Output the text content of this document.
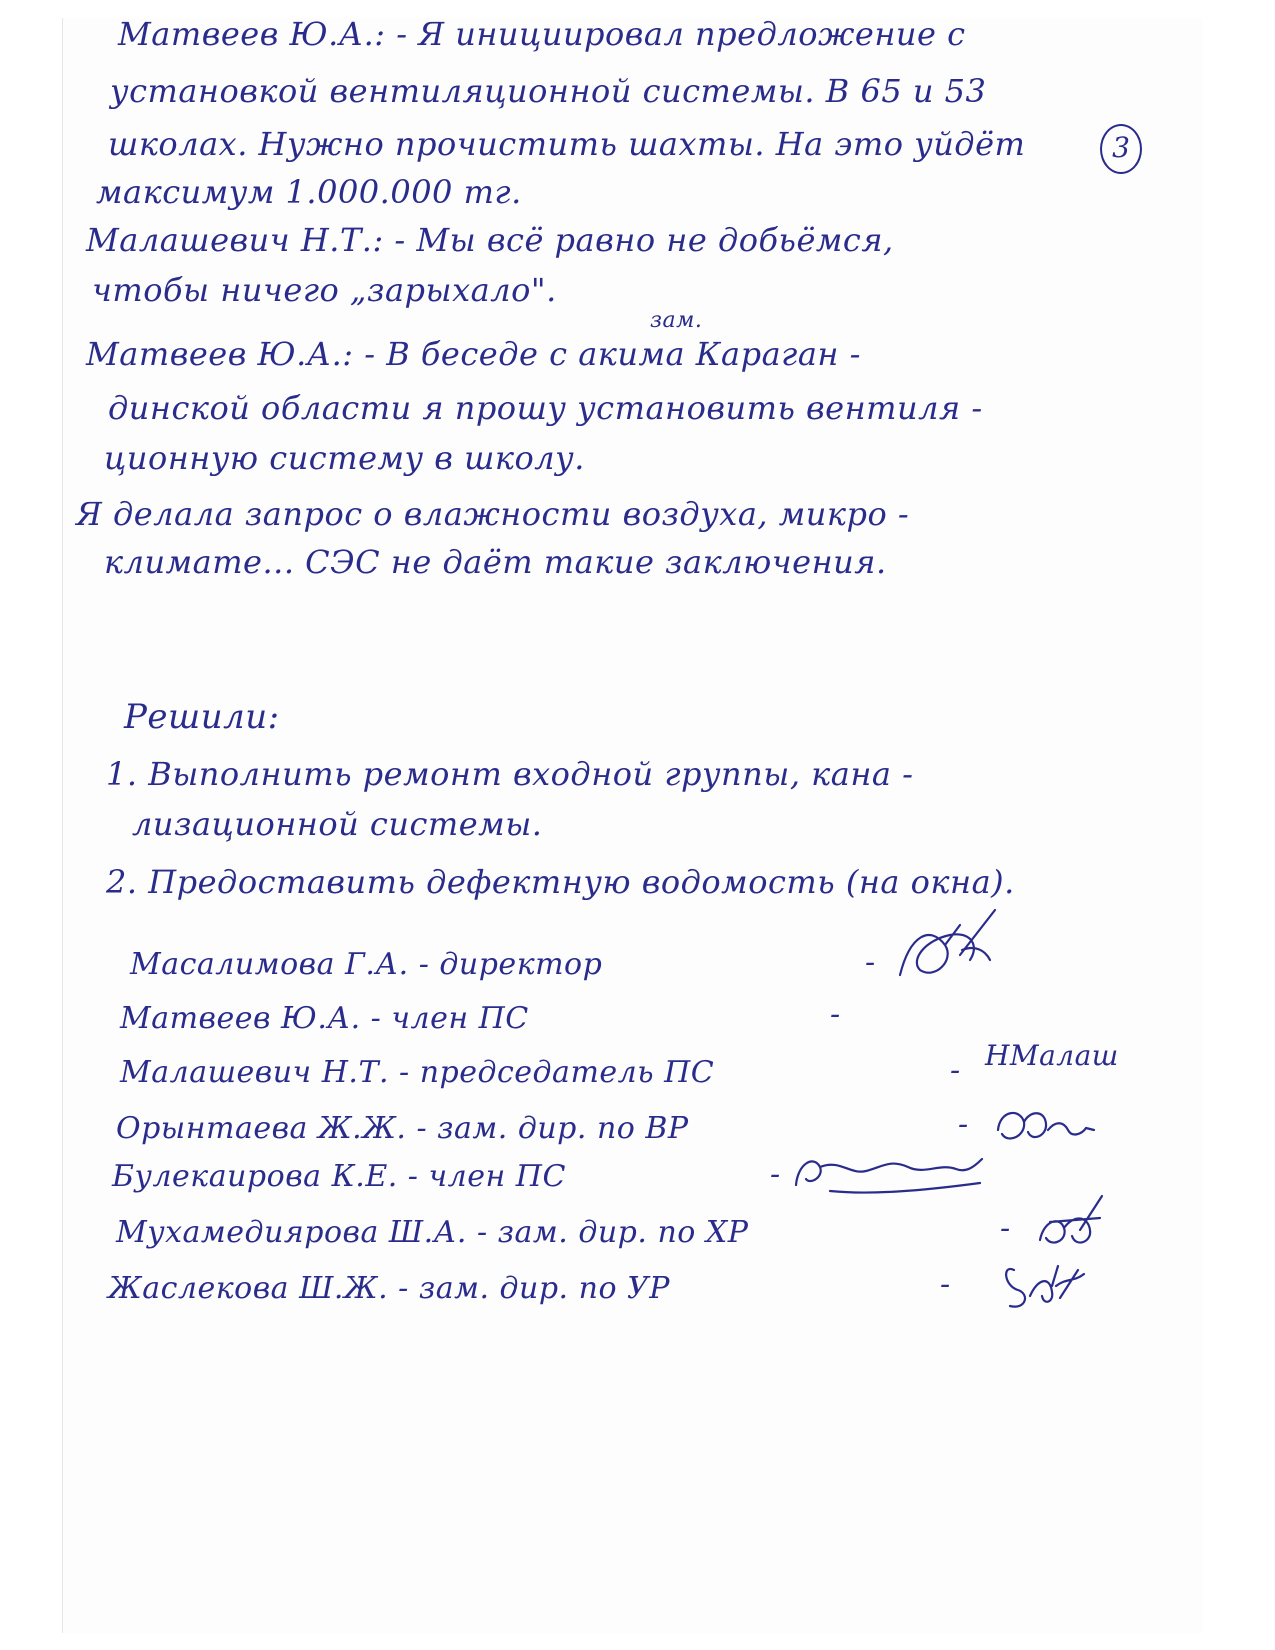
Матвеев Ю.А.: - Я инициировал предложение с
установкой вентиляционной системы. В 65 и 53
школах. Нужно прочистить шахты. На это уйдёт	3
максимум 1.000.000 тг.
Малашевич Н.Т.: - Мы всё равно не добьёмся,
чтобы ничего „зарыхало".
зам.
Матвеев Ю.А.: - В беседе с акима Караган -
динской области я прошу установить вентиля -
ционную систему в школу.
Я делала запрос о влажности воздуха, микро -
климате... СЭС не даёт такие заключения.
Решили:
1. Выполнить ремонт входной группы, кана -
лизационной системы.
2. Предоставить дефектную водомость (на окна).
Масалимова Г.А. - директор	-
Матвеев Ю.А. - член ПС	-
Малашевич Н.Т. - председатель ПС	- НМалаш
Орынтаева Ж.Ж. - зам. дир. по ВР	-
Булекаирова К.Е. - член ПС	-
Мухамедиярова Ш.А. - зам. дир. по ХР	-
Жаслекова Ш.Ж. - зам. дир. по УР	-
